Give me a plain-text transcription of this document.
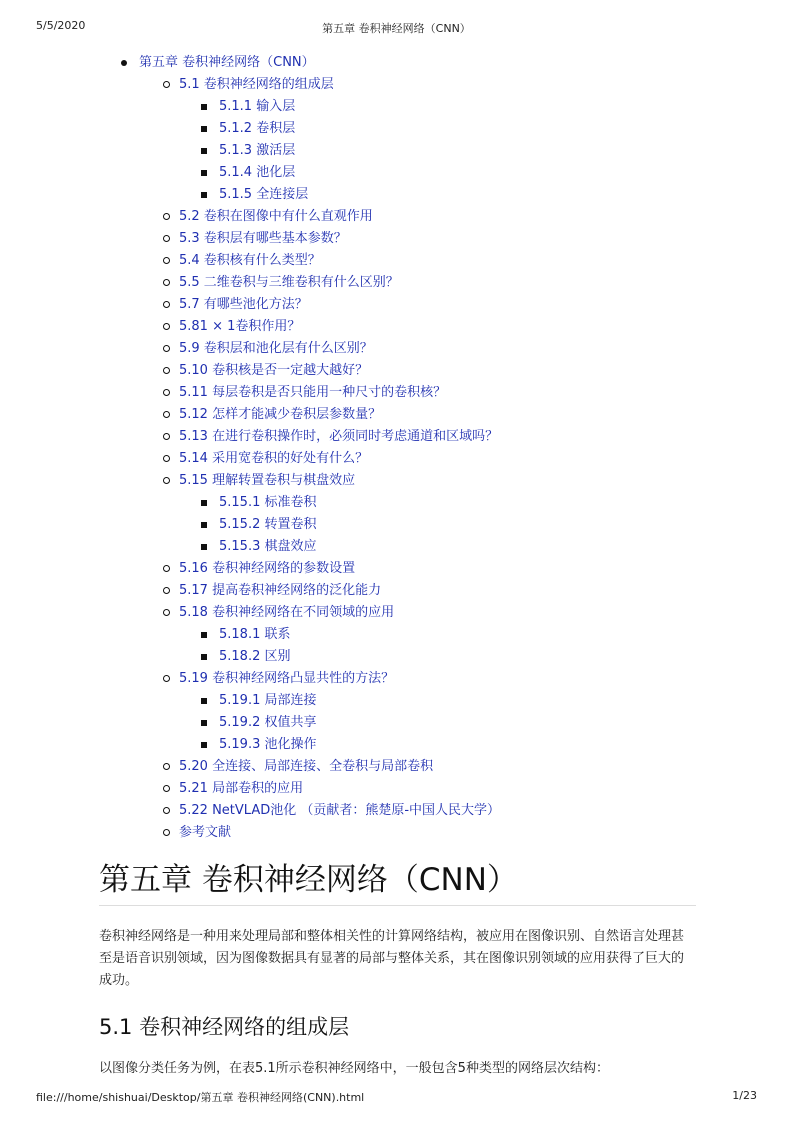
5/5/2020	第五章 卷积神经网络（CNN）
第五章 卷积神经网络（CNN）
5.1 卷积神经网络的组成层
5.1.1 输入层
5.1.2 卷积层
5.1.3 激活层
5.1.4 池化层
5.1.5 全连接层
5.2 卷积在图像中有什么直观作用
5.3 卷积层有哪些基本参数？
5.4 卷积核有什么类型？
5.5 二维卷积与三维卷积有什么区别？
5.7 有哪些池化方法？
5.81 × 1卷积作用？
5.9 卷积层和池化层有什么区别？
5.10 卷积核是否一定越大越好？
5.11 每层卷积是否只能用一种尺寸的卷积核？
5.12 怎样才能减少卷积层参数量？
5.13 在进行卷积操作时，必须同时考虑通道和区域吗？
5.14 采用宽卷积的好处有什么？
5.15 理解转置卷积与棋盘效应
5.15.1 标准卷积
5.15.2 转置卷积
5.15.3 棋盘效应
5.16 卷积神经网络的参数设置
5.17 提高卷积神经网络的泛化能力
5.18 卷积神经网络在不同领域的应用
5.18.1 联系
5.18.2 区别
5.19 卷积神经网络凸显共性的方法？
5.19.1 局部连接
5.19.2 权值共享
5.19.3 池化操作
5.20 全连接、局部连接、全卷积与局部卷积
5.21 局部卷积的应用
5.22 NetVLAD池化 （贡献者：熊楚原-中国人民大学）
参考文献
第五章 卷积神经网络（CNN）

卷积神经网络是一种用来处理局部和整体相关性的计算网络结构，被应用在图像识别、自然语言处理甚至是语音识别领域，因为图像数据具有显著的局部与整体关系，其在图像识别领域的应用获得了巨大的成功。

5.1 卷积神经网络的组成层

以图像分类任务为例，在表5.1所示卷积神经网络中，一般包含5种类型的网络层次结构：

file:///home/shishuai/Desktop/第五章 卷积神经网络(CNN).html	1/23
